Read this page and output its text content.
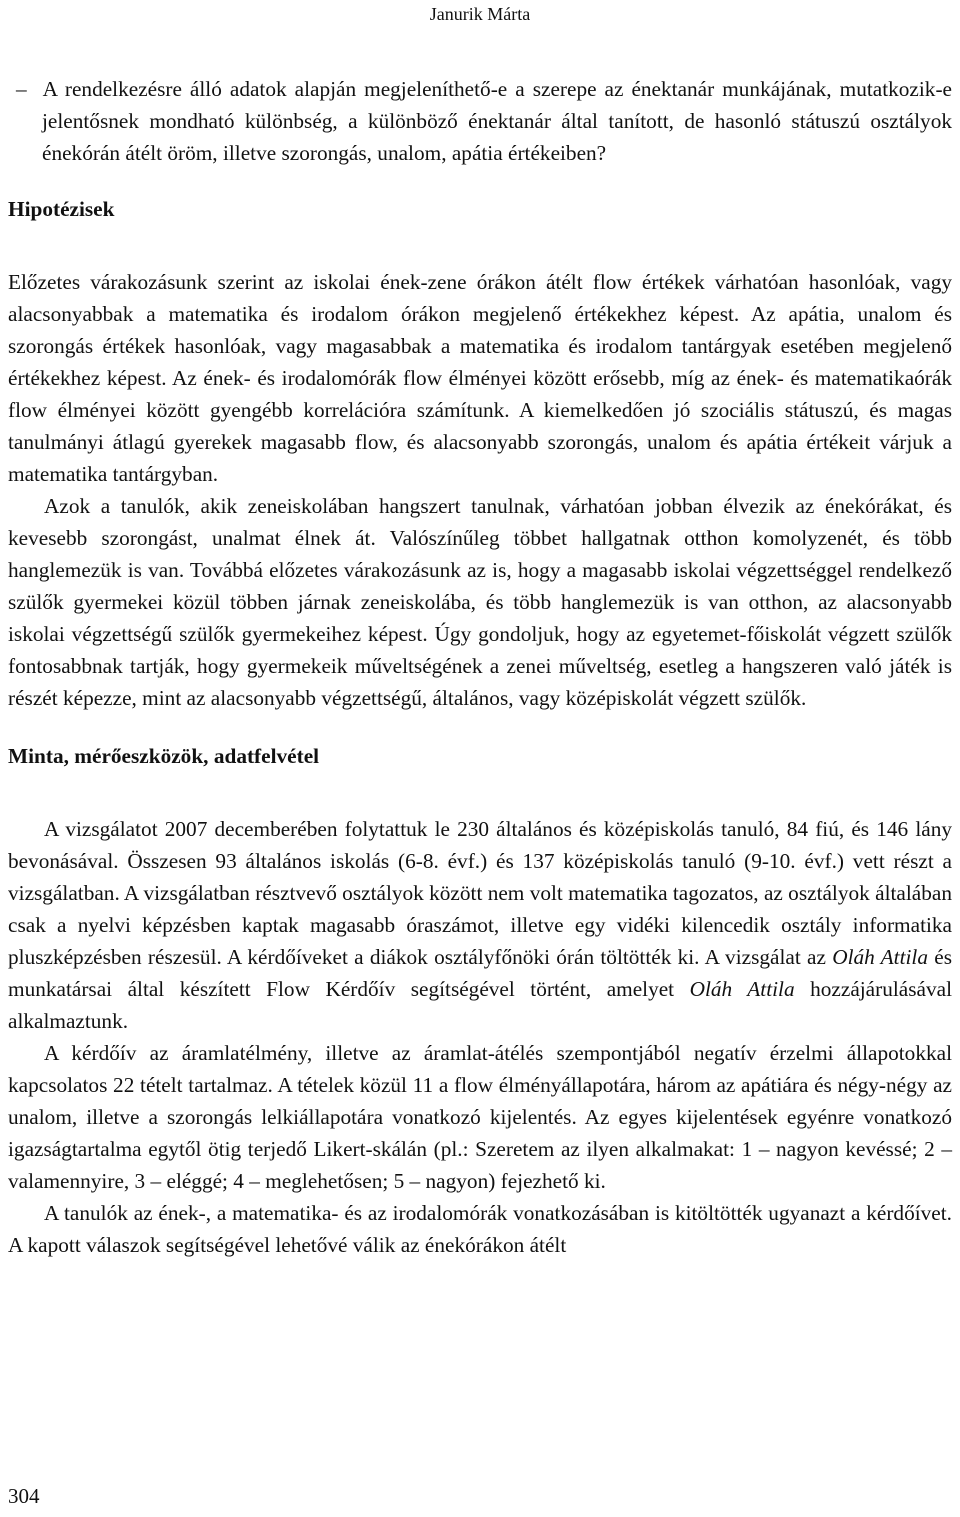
Janurik Márta

– A rendelkezésre álló adatok alapján megjeleníthető-e a szerepe az énektanár munkájának, mutatkozik-e jelentősnek mondható különbség, a különböző énektanár által tanított, de hasonló státuszú osztályok énekórán átélt öröm, illetve szorongás, unalom, apátia értékeiben?

Hipotézisek

Előzetes várakozásunk szerint az iskolai ének-zene órákon átélt flow értékek várhatóan hasonlóak, vagy alacsonyabbak a matematika és irodalom órákon megjelenő értékekhez képest. Az apátia, unalom és szorongás értékek hasonlóak, vagy magasabbak a matematika és irodalom tantárgyak esetében megjelenő értékekhez képest. Az ének- és irodalomórák flow élményei között erősebb, míg az ének- és matematikaórák flow élményei között gyengébb korrelációra számítunk. A kiemelkedően jó szociális státuszú, és magas tanulmányi átlagú gyerekek magasabb flow, és alacsonyabb szorongás, unalom és apátia értékeit várjuk a matematika tantárgyban.

Azok a tanulók, akik zeneiskolában hangszert tanulnak, várhatóan jobban élvezik az énekórákat, és kevesebb szorongást, unalmat élnek át. Valószínűleg többet hallgatnak otthon komolyzenét, és több hanglemezük is van. Továbbá előzetes várakozásunk az is, hogy a magasabb iskolai végzettséggel rendelkező szülők gyermekei közül többen járnak zeneiskolába, és több hanglemezük is van otthon, az alacsonyabb iskolai végzettségű szülők gyermekeihez képest. Úgy gondoljuk, hogy az egyetemet-főiskolát végzett szülők fontosabbnak tartják, hogy gyermekeik műveltségének a zenei műveltség, esetleg a hangszeren való játék is részét képezze, mint az alacsonyabb végzettségű, általános, vagy középiskolát végzett szülők.

Minta, mérőeszközök, adatfelvétel

A vizsgálatot 2007 decemberében folytattuk le 230 általános és középiskolás tanuló, 84 fiú, és 146 lány bevonásával. Összesen 93 általános iskolás (6-8. évf.) és 137 középiskolás tanuló (9-10. évf.) vett részt a vizsgálatban. A vizsgálatban résztvevő osztályok között nem volt matematika tagozatos, az osztályok általában csak a nyelvi képzésben kaptak magasabb óraszámot, illetve egy vidéki kilencedik osztály informatika pluszképzésben részesül. A kérdőíveket a diákok osztályfőnöki órán töltötték ki. A vizsgálat az Oláh Attila és munkatársai által készített Flow Kérdőív segítségével történt, amelyet Oláh Attila hozzájárulásával alkalmaztunk.

A kérdőív az áramlatélmény, illetve az áramlat-átélés szempontjából negatív érzelmi állapotokkal kapcsolatos 22 tételt tartalmaz. A tételek közül 11 a flow élményállapotára, három az apátiára és négy-négy az unalom, illetve a szorongás lelkiállapotára vonatkozó kijelentés. Az egyes kijelentések egyénre vonatkozó igazságtartalma egytől ötig terjedő Likert-skálán (pl.: Szeretem az ilyen alkalmakat: 1 – nagyon kevéssé; 2 – valamennyire, 3 – eléggé; 4 – meglehetősen; 5 – nagyon) fejezhető ki.

A tanulók az ének-, a matematika- és az irodalomórák vonatkozásában is kitöltötték ugyanazt a kérdőívet. A kapott válaszok segítségével lehetővé válik az énekórákon átélt

304
